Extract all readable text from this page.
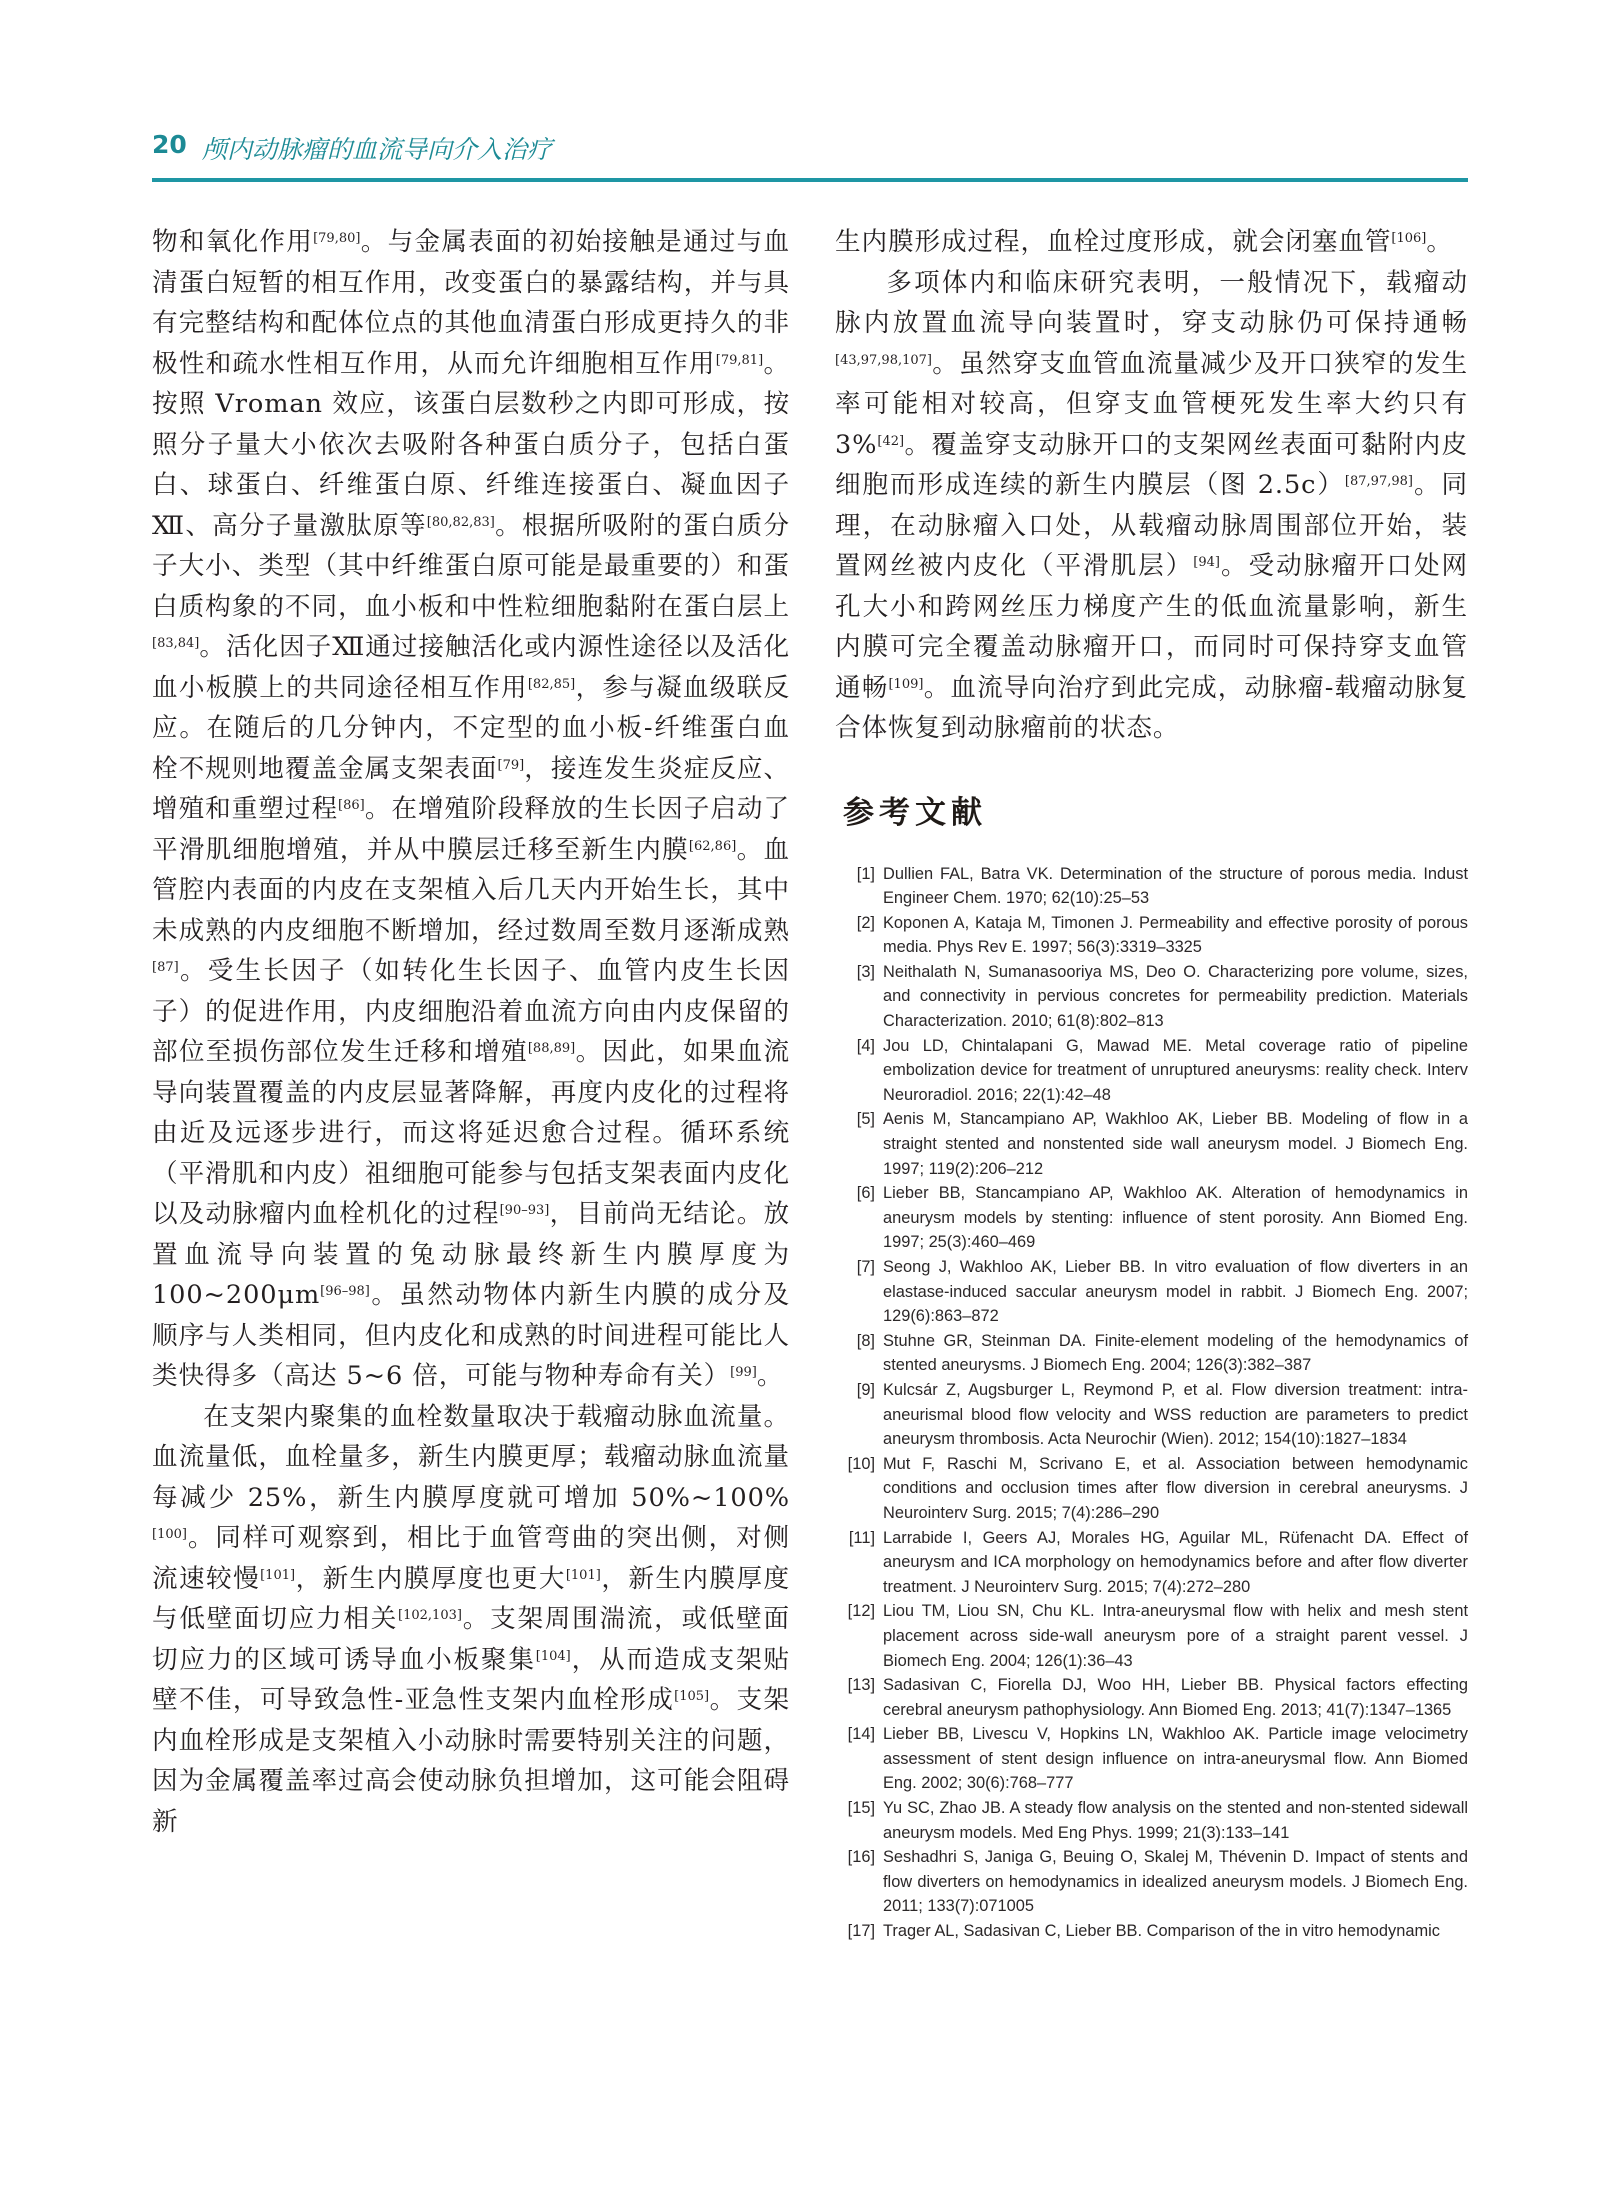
20 颅内动脉瘤的血流导向介入治疗

物和氧化作用[79,80]。与金属表面的初始接触是通过与血清蛋白短暂的相互作用，改变蛋白的暴露结构，并与具有完整结构和配体位点的其他血清蛋白形成更持久的非极性和疏水性相互作用，从而允许细胞相互作用[79,81]。按照 Vroman 效应，该蛋白层数秒之内即可形成，按照分子量大小依次去吸附各种蛋白质分子，包括白蛋白、球蛋白、纤维蛋白原、纤维连接蛋白、凝血因子Ⅻ、高分子量激肽原等[80,82,83]。根据所吸附的蛋白质分子大小、类型（其中纤维蛋白原可能是最重要的）和蛋白质构象的不同，血小板和中性粒细胞黏附在蛋白层上[83,84]。活化因子Ⅻ通过接触活化或内源性途径以及活化血小板膜上的共同途径相互作用[82,85]，参与凝血级联反应。在随后的几分钟内，不定型的血小板-纤维蛋白血栓不规则地覆盖金属支架表面[79]，接连发生炎症反应、增殖和重塑过程[86]。在增殖阶段释放的生长因子启动了平滑肌细胞增殖，并从中膜层迁移至新生内膜[62,86]。血管腔内表面的内皮在支架植入后几天内开始生长，其中未成熟的内皮细胞不断增加，经过数周至数月逐渐成熟[87]。受生长因子（如转化生长因子、血管内皮生长因子）的促进作用，内皮细胞沿着血流方向由内皮保留的部位至损伤部位发生迁移和增殖[88,89]。因此，如果血流导向装置覆盖的内皮层显著降解，再度内皮化的过程将由近及远逐步进行，而这将延迟愈合过程。循环系统（平滑肌和内皮）祖细胞可能参与包括支架表面内皮化以及动脉瘤内血栓机化的过程[90–93]，目前尚无结论。放置血流导向装置的兔动脉最终新生内膜厚度为 100~200μm[96–98]。虽然动物体内新生内膜的成分及顺序与人类相同，但内皮化和成熟的时间进程可能比人类快得多（高达 5~6 倍，可能与物种寿命有关）[99]。

在支架内聚集的血栓数量取决于载瘤动脉血流量。血流量低，血栓量多，新生内膜更厚；载瘤动脉血流量每减少 25%，新生内膜厚度就可增加 50%~100%[100]。同样可观察到，相比于血管弯曲的突出侧，对侧流速较慢[101]，新生内膜厚度也更大[101]，新生内膜厚度与低壁面切应力相关[102,103]。支架周围湍流，或低壁面切应力的区域可诱导血小板聚集[104]，从而造成支架贴壁不佳，可导致急性-亚急性支架内血栓形成[105]。支架内血栓形成是支架植入小动脉时需要特别关注的问题，因为金属覆盖率过高会使动脉负担增加，这可能会阻碍新

生内膜形成过程，血栓过度形成，就会闭塞血管[106]。

多项体内和临床研究表明，一般情况下，载瘤动脉内放置血流导向装置时，穿支动脉仍可保持通畅[43,97,98,107]。虽然穿支血管血流量减少及开口狭窄的发生率可能相对较高，但穿支血管梗死发生率大约只有 3%[42]。覆盖穿支动脉开口的支架网丝表面可黏附内皮细胞而形成连续的新生内膜层（图 2.5c）[87,97,98]。同理，在动脉瘤入口处，从载瘤动脉周围部位开始，装置网丝被内皮化（平滑肌层）[94]。受动脉瘤开口处网孔大小和跨网丝压力梯度产生的低血流量影响，新生内膜可完全覆盖动脉瘤开口，而同时可保持穿支血管通畅[109]。血流导向治疗到此完成，动脉瘤-载瘤动脉复合体恢复到动脉瘤前的状态。

参考文献
[1] Dullien FAL, Batra VK. Determination of the structure of porous media. Indust Engineer Chem. 1970; 62(10):25–53
[2] Koponen A, Kataja M, Timonen J. Permeability and effective porosity of porous media. Phys Rev E. 1997; 56(3):3319–3325
[3] Neithalath N, Sumanasooriya MS, Deo O. Characterizing pore volume, sizes, and connectivity in pervious concretes for permeability prediction. Materials Characterization. 2010; 61(8):802–813
[4] Jou LD, Chintalapani G, Mawad ME. Metal coverage ratio of pipeline embolization device for treatment of unruptured aneurysms: reality check. Interv Neuroradiol. 2016; 22(1):42–48
[5] Aenis M, Stancampiano AP, Wakhloo AK, Lieber BB. Modeling of flow in a straight stented and nonstented side wall aneurysm model. J Biomech Eng. 1997; 119(2):206–212
[6] Lieber BB, Stancampiano AP, Wakhloo AK. Alteration of hemodynamics in aneurysm models by stenting: influence of stent porosity. Ann Biomed Eng. 1997; 25(3):460–469
[7] Seong J, Wakhloo AK, Lieber BB. In vitro evaluation of flow diverters in an elastase-induced saccular aneurysm model in rabbit. J Biomech Eng. 2007; 129(6):863–872
[8] Stuhne GR, Steinman DA. Finite-element modeling of the hemodynamics of stented aneurysms. J Biomech Eng. 2004; 126(3):382–387
[9] Kulcsár Z, Augsburger L, Reymond P, et al. Flow diversion treatment: intra-aneurismal blood flow velocity and WSS reduction are parameters to predict aneurysm thrombosis. Acta Neurochir (Wien). 2012; 154(10):1827–1834
[10] Mut F, Raschi M, Scrivano E, et al. Association between hemodynamic conditions and occlusion times after flow diversion in cerebral aneurysms. J Neurointerv Surg. 2015; 7(4):286–290
[11] Larrabide I, Geers AJ, Morales HG, Aguilar ML, Rüfenacht DA. Effect of aneurysm and ICA morphology on hemodynamics before and after flow diverter treatment. J Neurointerv Surg. 2015; 7(4):272–280
[12] Liou TM, Liou SN, Chu KL. Intra-aneurysmal flow with helix and mesh stent placement across side-wall aneurysm pore of a straight parent vessel. J Biomech Eng. 2004; 126(1):36–43
[13] Sadasivan C, Fiorella DJ, Woo HH, Lieber BB. Physical factors effecting cerebral aneurysm pathophysiology. Ann Biomed Eng. 2013; 41(7):1347–1365
[14] Lieber BB, Livescu V, Hopkins LN, Wakhloo AK. Particle image velocimetry assessment of stent design influence on intra-aneurysmal flow. Ann Biomed Eng. 2002; 30(6):768–777
[15] Yu SC, Zhao JB. A steady flow analysis on the stented and non-stented sidewall aneurysm models. Med Eng Phys. 1999; 21(3):133–141
[16] Seshadhri S, Janiga G, Beuing O, Skalej M, Thévenin D. Impact of stents and flow diverters on hemodynamics in idealized aneurysm models. J Biomech Eng. 2011; 133(7):071005
[17] Trager AL, Sadasivan C, Lieber BB. Comparison of the in vitro hemodynamic
